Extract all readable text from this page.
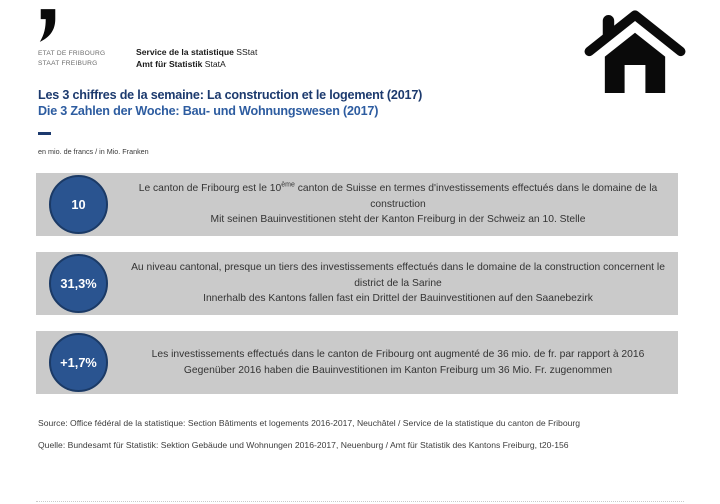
ETAT DE FRIBOURG
STAAT FREIBURG
Service de la statistique SStat
Amt für Statistik StatA
Les 3 chiffres de la semaine: La construction et le logement (2017)
Die 3 Zahlen der Woche: Bau- und Wohnungswesen (2017)
en mio. de francs / in Mio. Franken
10
Le canton de Fribourg est le 10ème canton de Suisse en termes d'investissements effectués dans le domaine de la construction
Mit seinen Bauinvestitionen steht der Kanton Freiburg in der Schweiz an 10. Stelle
31,3%
Au niveau cantonal, presque un tiers des investissements effectués dans le domaine de la construction concernent le district de la Sarine
Innerhalb des Kantons fallen fast ein Drittel der Bauinvestitionen auf den Saanebezirk
+1,7%
Les investissements effectués dans le canton de Fribourg ont augmenté de 36 mio. de fr. par rapport à 2016
Gegenüber 2016 haben die Bauinvestitionen im Kanton Freiburg um 36 Mio. Fr. zugenommen

Source: Office fédéral de la statistique: Section Bâtiments et logements 2016-2017, Neuchâtel / Service de la statistique du canton de Fribourg

Quelle: Bundesamt für Statistik: Sektion Gebäude und Wohnungen 2016-2017, Neuenburg / Amt für Statistik des Kantons Freiburg, t20-156
